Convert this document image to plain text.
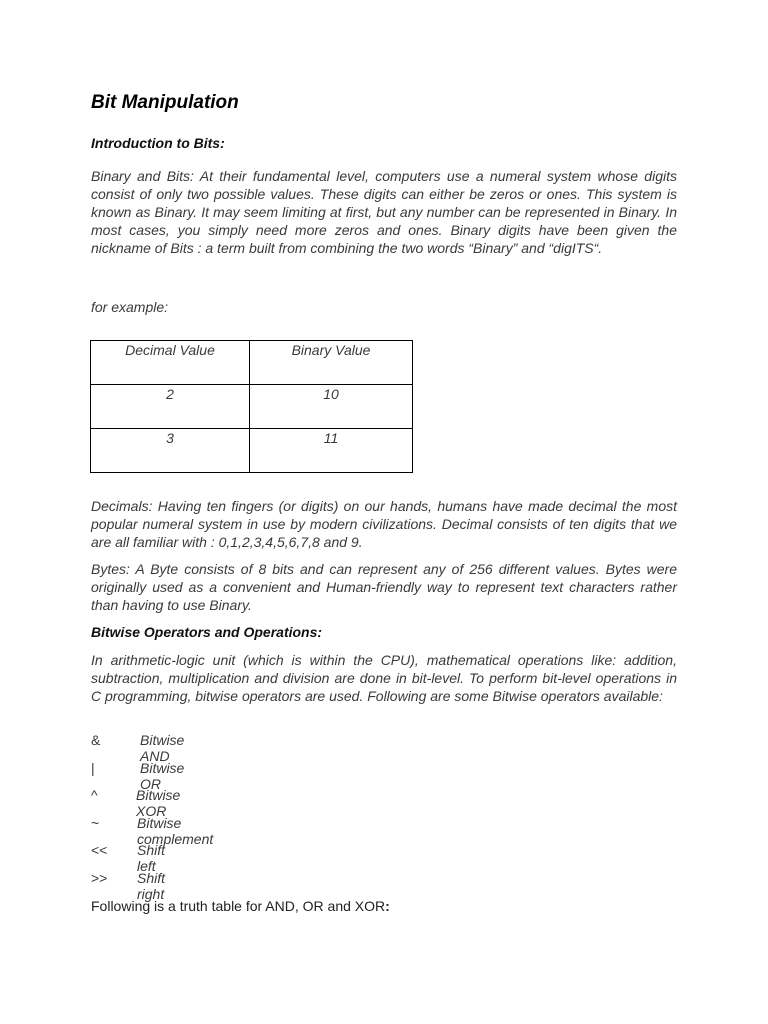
Bit Manipulation
Introduction to Bits:
Binary and Bits: At their fundamental level, computers use a numeral system whose digits consist of only two possible values. These digits can either be zeros or ones. This system is known as Binary. It may seem limiting at first, but any number can be represented in Binary. In most cases, you simply need more zeros and ones. Binary digits have been given the nickname of Bits : a term built from combining the two words “Binary” and “digITS“.
for example:
Decimal Value	Binary Value
2	10
3	11
Decimals: Having ten fingers (or digits) on our hands, humans have made decimal the most popular numeral system in use by modern civilizations. Decimal consists of ten digits that we are all familiar with : 0,1,2,3,4,5,6,7,8 and 9.
Bytes: A Byte consists of 8 bits and can represent any of 256 different values. Bytes were originally used as a convenient and Human-friendly way to represent text characters rather than having to use Binary.
Bitwise Operators and Operations:
In arithmetic-logic unit (which is within the CPU), mathematical operations like: addition, subtraction, multiplication and division are done in bit-level. To perform bit-level operations in C programming, bitwise operators are used. Following are some Bitwise operators available:
&	Bitwise AND
|	Bitwise OR
^	Bitwise XOR
~	Bitwise complement
<< Shift left
>> Shift right
Following is a truth table for AND, OR and XOR:
